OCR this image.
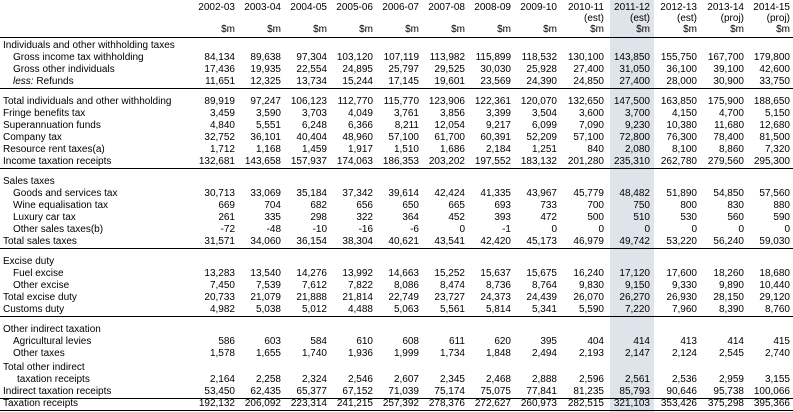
2002-03 2003-04 2004-05 2005-06 2006-07 2007-08 2008-09 2009-10	2010-11	2011-12	2012-13	2013-14 2014-15
(est)	(est)	(est)	(proj)	(proj)
$m	$m	$m	$m	$m	$m	$m	$m	$m	$m	$m	$m	$m
Individuals and other withholding taxes
Gross income tax withholding	84,134	89,638	97,304 103,120	107,119	113,982	115,899	118,532	130,100 143,850	155,750	167,700 179,800
Gross other individuals	17,436	19,935	22,554	24,895	25,797	29,525	30,030	25,928	27,400	31,050	36,100	39,100	42,600
less: Refunds	11,651	12,325	13,734	15,244	17,145	19,601	23,569	24,390	24,850	27,400	28,000	30,900	33,750
Total individuals and other withholding	89,919	97,247 106,123	112,770	115,770 123,906 122,361 120,070	132,650 147,500	163,850	175,900 188,650
Fringe benefits tax	3,459	3,590	3,703	4,049	3,761	3,856	3,399	3,504	3,600	3,700	4,150	4,700	5,150
Superannuation funds	4,840	5,551	6,248	6,366	8,211	12,054	9,217	6,099	7,090	9,230	10,380	11,680	12,680
Company tax	32,752	36,101	40,404	48,960	57,100	61,700	60,391	52,209	57,100	72,800	76,300	78,400	81,500
Resource rent taxes(a)	1,712	1,168	1,459	1,917	1,510	1,686	2,184	1,251	840	2,080	8,100	8,860	7,320
Income taxation receipts	132,681 143,658 157,937 174,063 186,353 203,202 197,552 183,132	201,280 235,310	262,780	279,560 295,300
Sales taxes
Goods and services tax	30,713	33,069	35,184	37,342	39,614	42,424	41,335	43,967	45,779	48,482	51,890	54,850	57,560
Wine equalisation tax	669	704	682	656	650	665	693	733	700	750	800	830	880
Luxury car tax	261	335	298	322	364	452	393	472	500	510	530	560	590
Other sales taxes(b)	-72	-48	-10	-16	-6	0	-1	0	0	0	0	0	0
Total sales taxes	31,571	34,060	36,154	38,304	40,621	43,541	42,420	45,173	46,979	49,742	53,220	56,240	59,030
Excise duty
Fuel excise	13,283	13,540	14,276	13,992	14,663	15,252	15,637	15,675	16,240	17,120	17,600	18,260	18,680
Other excise	7,450	7,539	7,612	7,822	8,086	8,474	8,736	8,764	9,830	9,150	9,330	9,890	10,440
Total excise duty	20,733	21,079	21,888	21,814	22,749	23,727	24,373	24,439	26,070	26,270	26,930	28,150	29,120
Customs duty	4,982	5,038	5,012	4,488	5,063	5,561	5,814	5,341	5,590	7,220	7,960	8,390	8,760
Other indirect taxation
Agricultural levies	586	603	584	610	608	611	620	395	404	414	413	414	415
Other taxes	1,578	1,655	1,740	1,936	1,999	1,734	1,848	2,494	2,193	2,147	2,124	2,545	2,740
Total other indirect
taxation receipts	2,164	2,258	2,324	2,546	2,607	2,345	2,468	2,888	2,596	2,561	2,536	2,959	3,155
Indirect taxation receipts	53,450	62,435	65,377	67,152	71,039	75,174	75,075	77,841	81,235	85,793	90,646	95,738 100,066
Taxation receipts	192,132 206,092 223,314 241,215 257,392 278,376 272,627 260,973	282,515 321,103	353,426	375,298 395,366
